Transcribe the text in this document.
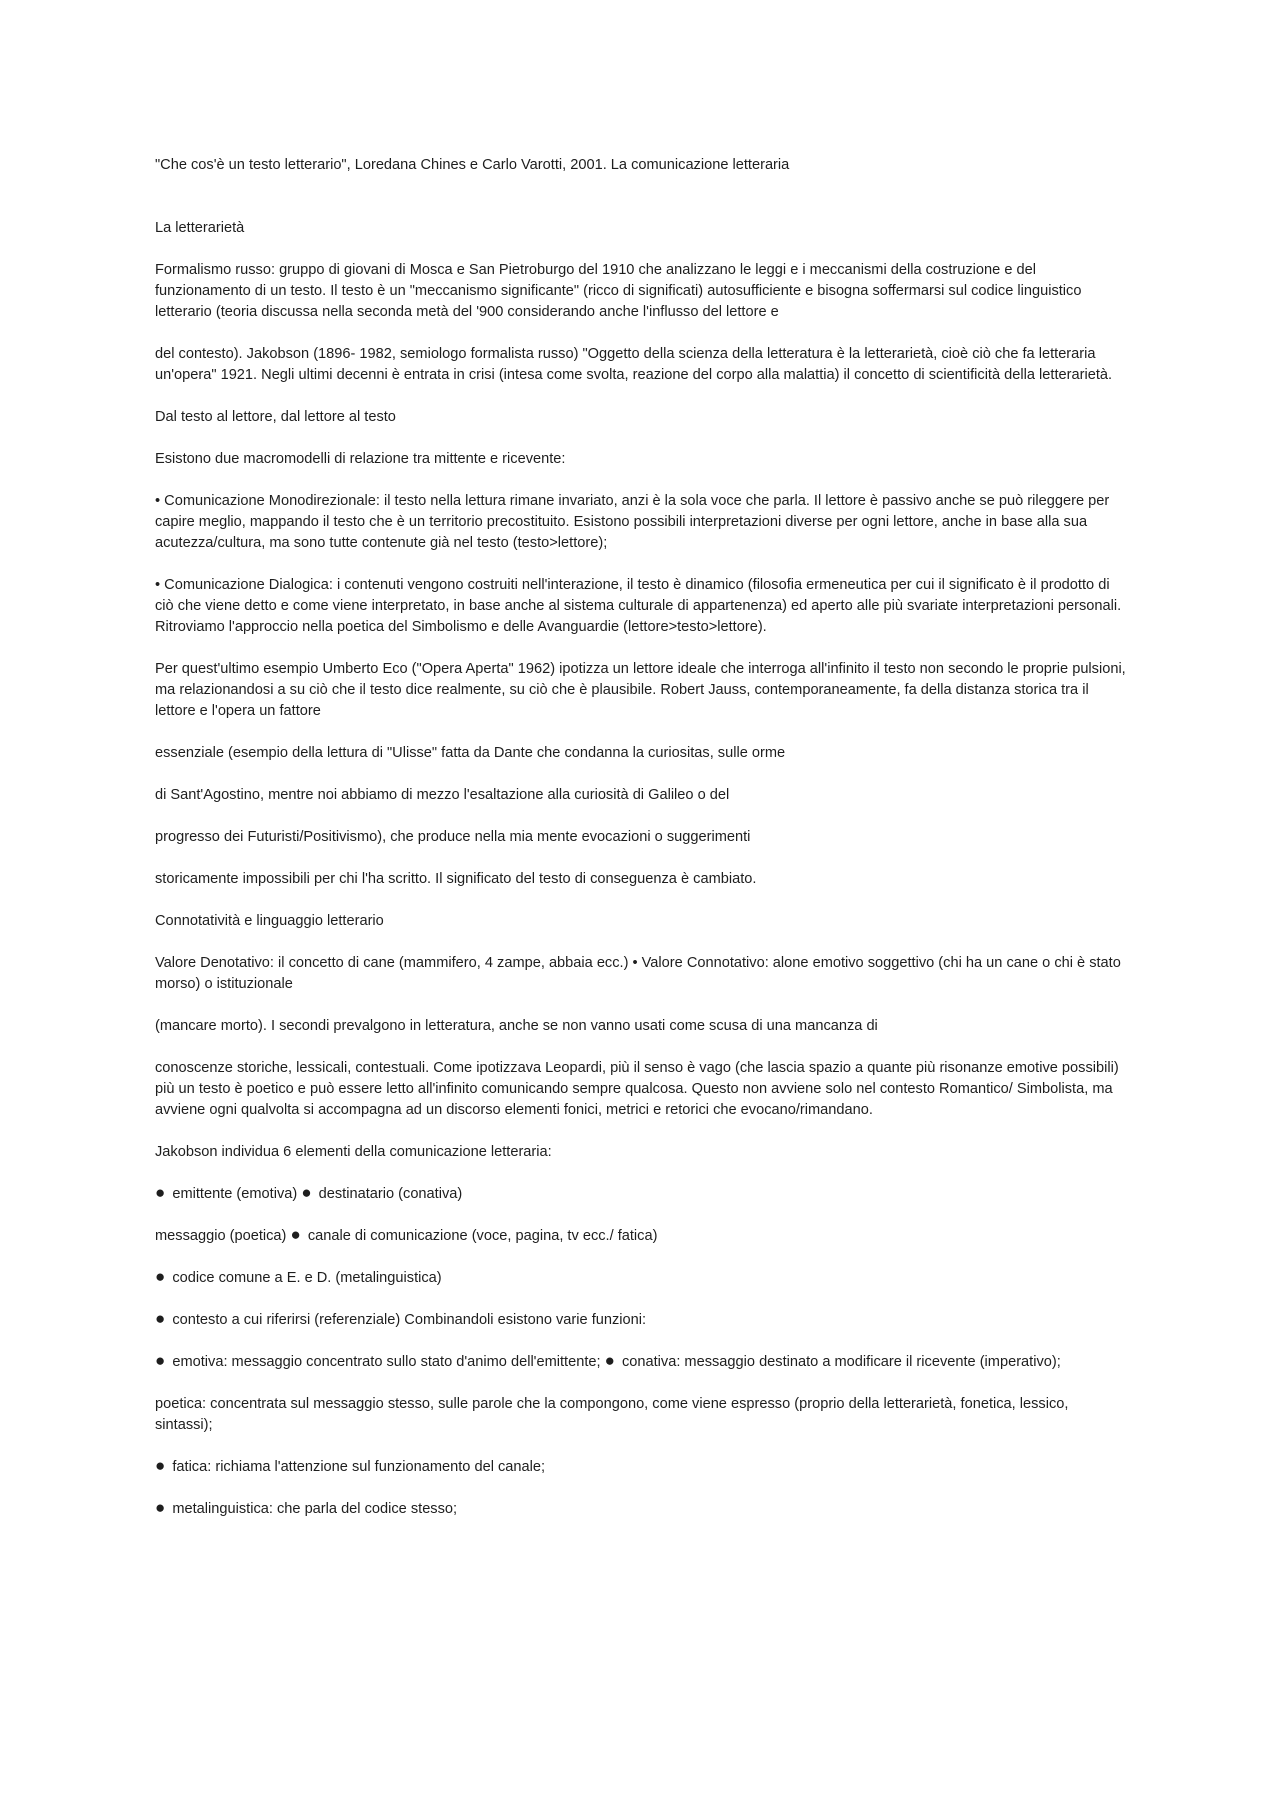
"Che cos'è un testo letterario", Loredana Chines e Carlo Varotti, 2001. La comunicazione letteraria

La letterarietà

Formalismo russo: gruppo di giovani di Mosca e San Pietroburgo del 1910 che analizzano le leggi e i meccanismi della costruzione e del funzionamento di un testo. Il testo è un "meccanismo significante" (ricco di significati) autosufficiente e bisogna soffermarsi sul codice linguistico letterario (teoria discussa nella seconda metà del '900 considerando anche l'influsso del lettore e

del contesto). Jakobson (1896- 1982, semiologo formalista russo) "Oggetto della scienza della letteratura è la letterarietà, cioè ciò che fa letteraria un'opera" 1921. Negli ultimi decenni è entrata in crisi (intesa come svolta, reazione del corpo alla malattia) il concetto di scientificità della letterarietà.

Dal testo al lettore, dal lettore al testo

Esistono due macromodelli di relazione tra mittente e ricevente:

• Comunicazione Monodirezionale: il testo nella lettura rimane invariato, anzi è la sola voce che parla. Il lettore è passivo anche se può rileggere per capire meglio, mappando il testo che è un territorio precostituito. Esistono possibili interpretazioni diverse per ogni lettore, anche in base alla sua acutezza/cultura, ma sono tutte contenute già nel testo (testo>lettore);

• Comunicazione Dialogica: i contenuti vengono costruiti nell'interazione, il testo è dinamico (filosofia ermeneutica per cui il significato è il prodotto di ciò che viene detto e come viene interpretato, in base anche al sistema culturale di appartenenza) ed aperto alle più svariate interpretazioni personali. Ritroviamo l'approccio nella poetica del Simbolismo e delle Avanguardie (lettore>testo>lettore).

Per quest'ultimo esempio Umberto Eco ("Opera Aperta" 1962) ipotizza un lettore ideale che interroga all'infinito il testo non secondo le proprie pulsioni, ma relazionandosi a su ciò che il testo dice realmente, su ciò che è plausibile. Robert Jauss, contemporaneamente, fa della distanza storica tra il lettore e l'opera un fattore

essenziale (esempio della lettura di "Ulisse" fatta da Dante che condanna la curiositas, sulle orme

di Sant'Agostino, mentre noi abbiamo di mezzo l'esaltazione alla curiosità di Galileo o del

progresso dei Futuristi/Positivismo), che produce nella mia mente evocazioni o suggerimenti

storicamente impossibili per chi l'ha scritto. Il significato del testo di conseguenza è cambiato.

Connotatività e linguaggio letterario

Valore Denotativo: il concetto di cane (mammifero, 4 zampe, abbaia ecc.) • Valore Connotativo: alone emotivo soggettivo (chi ha un cane o chi è stato morso) o istituzionale

(mancare morto). I secondi prevalgono in letteratura, anche se non vanno usati come scusa di una mancanza di

conoscenze storiche, lessicali, contestuali. Come ipotizzava Leopardi, più il senso è vago (che lascia spazio a quante più risonanze emotive possibili) più un testo è poetico e può essere letto all'infinito comunicando sempre qualcosa. Questo non avviene solo nel contesto Romantico/ Simbolista, ma avviene ogni qualvolta si accompagna ad un discorso elementi fonici, metrici e retorici che evocano/rimandano.

Jakobson individua 6 elementi della comunicazione letteraria:

● emittente (emotiva) ● destinatario (conativa)

messaggio (poetica) ● canale di comunicazione (voce, pagina, tv ecc./ fatica)

● codice comune a E. e D. (metalinguistica)

● contesto a cui riferirsi (referenziale) Combinandoli esistono varie funzioni:

● emotiva: messaggio concentrato sullo stato d'animo dell'emittente; ● conativa: messaggio destinato a modificare il ricevente (imperativo);

poetica: concentrata sul messaggio stesso, sulle parole che la compongono, come viene espresso (proprio della letterarietà, fonetica, lessico, sintassi);

● fatica: richiama l'attenzione sul funzionamento del canale;

● metalinguistica: che parla del codice stesso;
